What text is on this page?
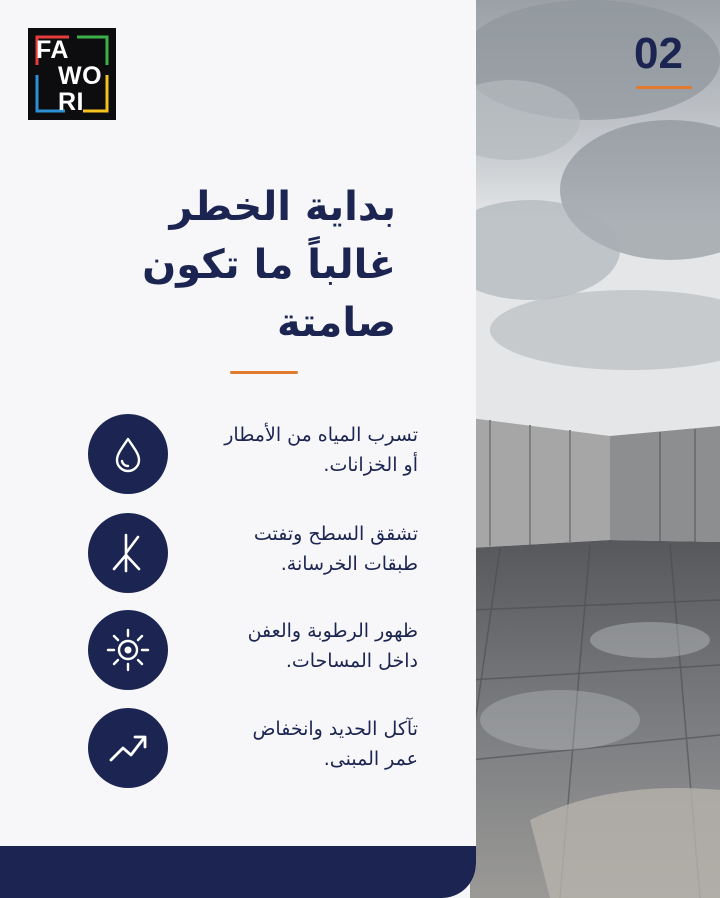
02
FA
WO
RI
بداية الخطر
غالباً ما تكون
صامتة
تسرب المياه من الأمطار
أو الخزانات.
تشقق السطح وتفتت
طبقات الخرسانة.
ظهور الرطوبة والعفن
داخل المساحات.
تآكل الحديد وانخفاض
عمر المبنى.
